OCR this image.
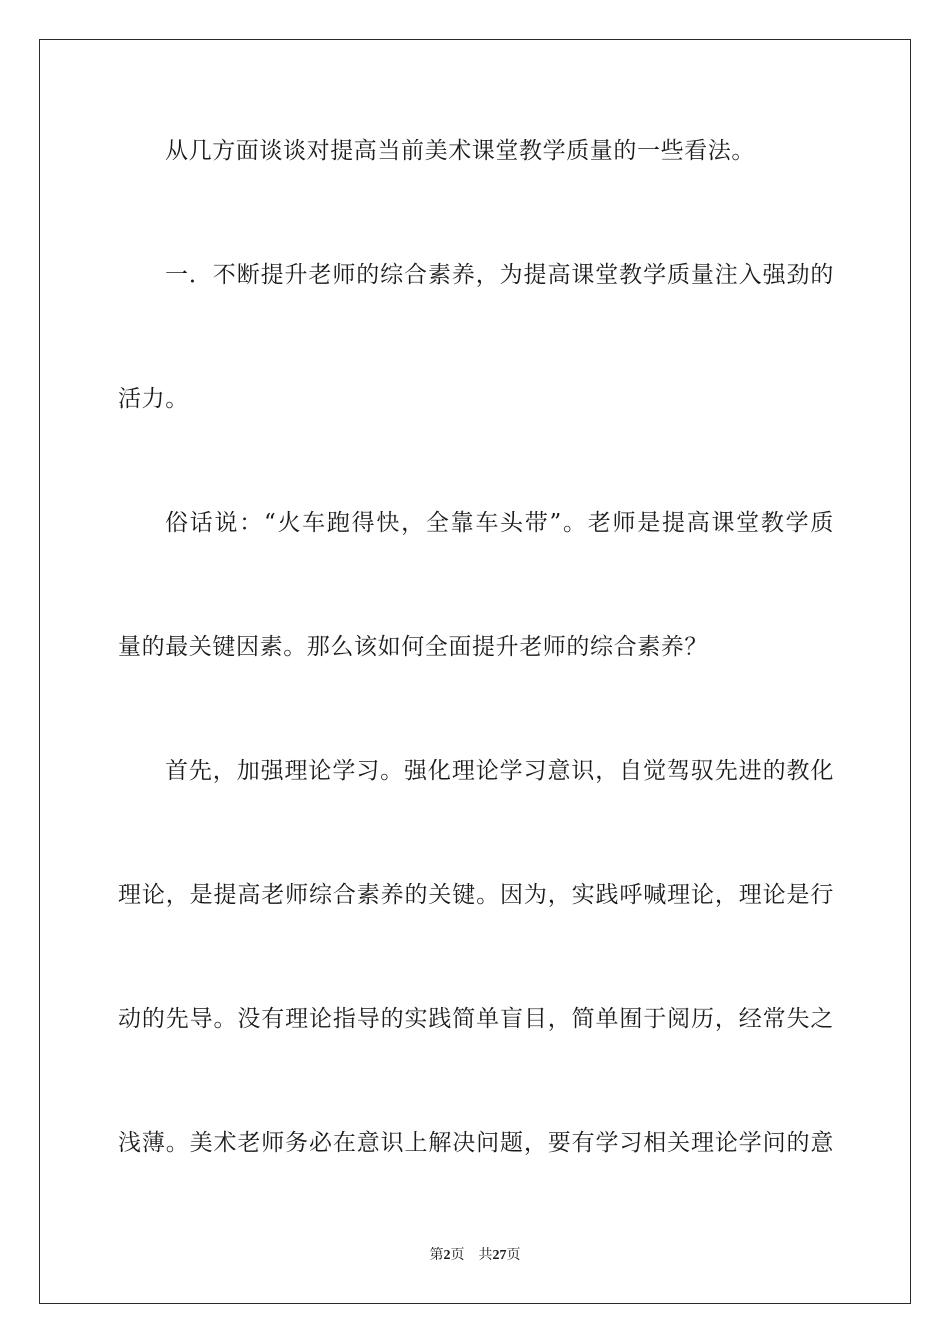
从几方面谈谈对提高当前美术课堂教学质量的一些看法。
一．不断提升老师的综合素养，为提高课堂教学质量注入强劲的
活力。
俗话说：“火车跑得快，全靠车头带”。老师是提高课堂教学质
量的最关键因素。那么该如何全面提升老师的综合素养？
首先，加强理论学习。强化理论学习意识，自觉驾驭先进的教化
理论，是提高老师综合素养的关键。因为，实践呼喊理论，理论是行
动的先导。没有理论指导的实践简单盲目，简单囿于阅历，经常失之
浅薄。美术老师务必在意识上解决问题，要有学习相关理论学问的意
第2页 共27页
